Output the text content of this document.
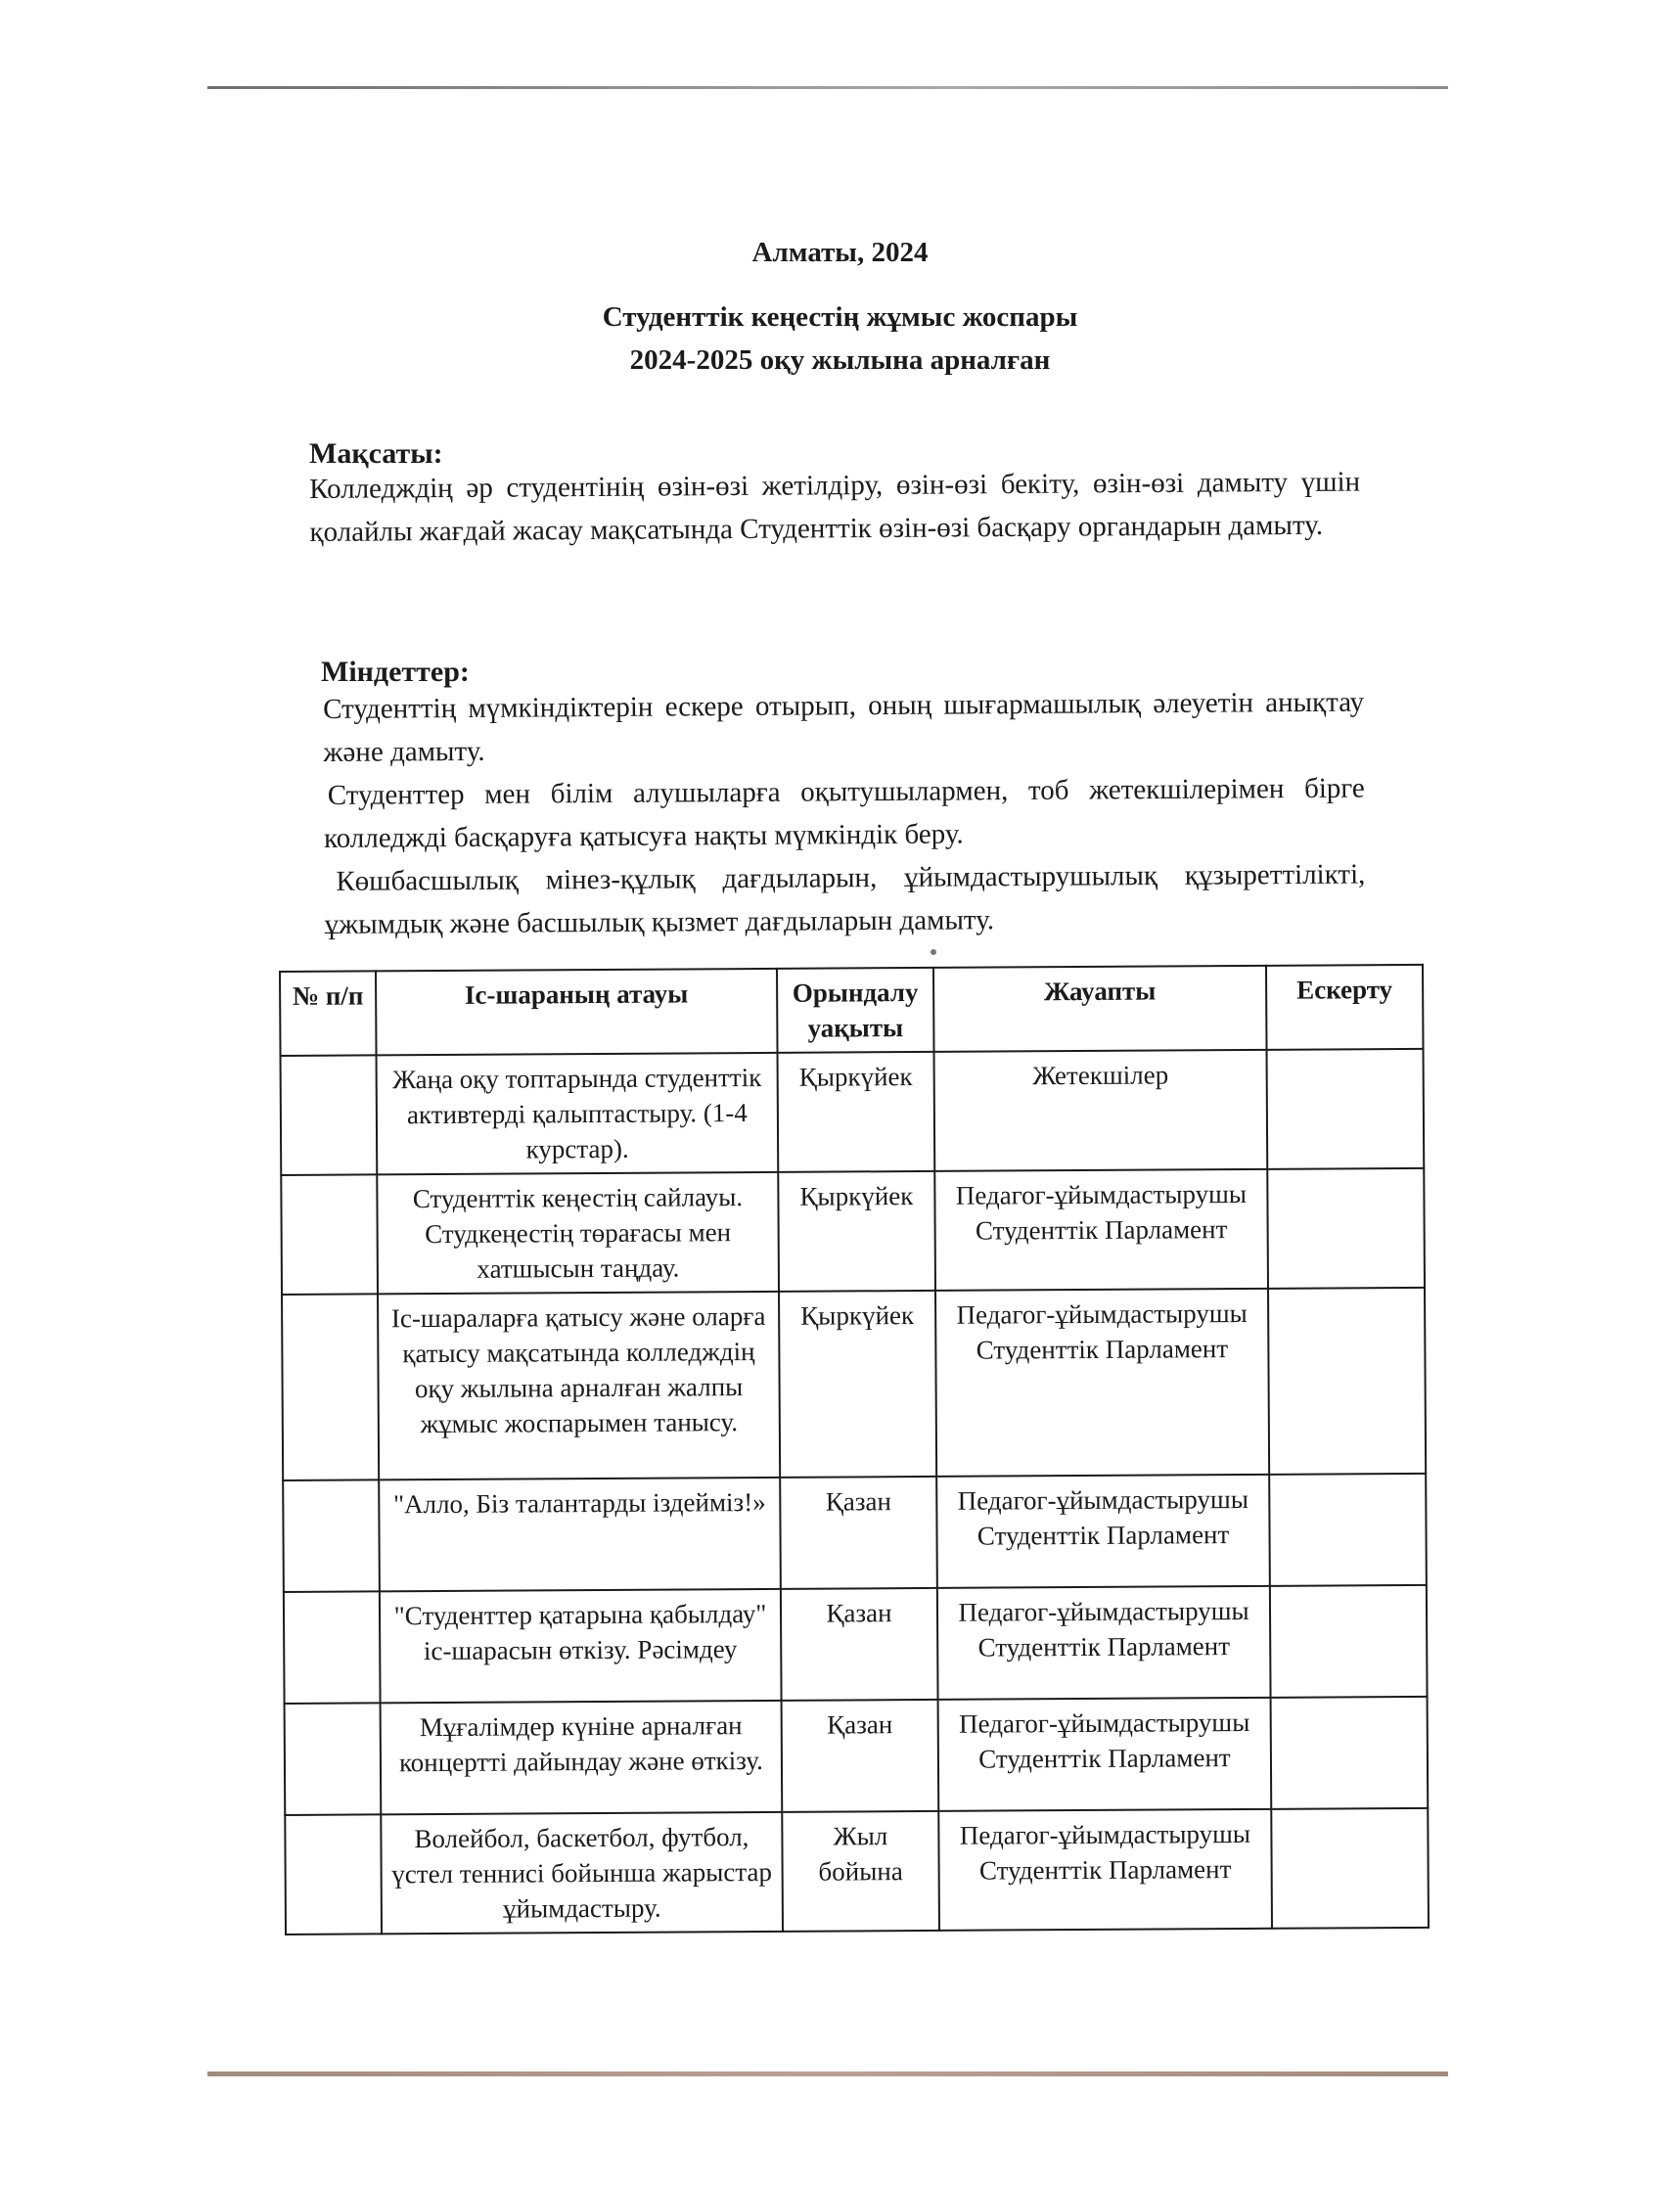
Алматы, 2024
Студенттік кеңестің жұмыс жоспары
2024-2025 оқу жылына арналған
Мақсаты:

Колледждің әр студентінің өзін-өзі жетілдіру, өзін-өзі бекіту, өзін-өзі дамыту үшін қолайлы жағдай жасау мақсатында Студенттік өзін-өзі басқару органдарын дамыту.

Міндеттер:

Студенттің мүмкіндіктерін ескере отырып, оның шығармашылық әлеуетін анықтау және дамыту.

Студенттер мен білім алушыларға оқытушылармен, тоб жетекшілерімен бірге колледжді басқаруға қатысуға нақты мүмкіндік беру.

Көшбасшылық мінез-құлық дағдыларын, ұйымдастырушылық құзыреттілікті, ұжымдық және басшылық қызмет дағдыларын дамыту.

№ п/п	Іс-шараның атауы	Орындалу уақыты	Жауапты	Ескерту
	Жаңа оқу топтарында студенттік активтерді қалыптастыру. (1-4 курстар).	Қыркүйек	Жетекшілер	
	Студенттік кеңестің сайлауы. Студкеңестің төрағасы мен хатшысын таңдау.	Қыркүйек	Педагог-ұйымдастырушы Студенттік Парламент	
	Іс-шараларға қатысу және оларға қатысу мақсатында колледждің оқу жылына арналған жалпы жұмыс жоспарымен танысу.	Қыркүйек	Педагог-ұйымдастырушы Студенттік Парламент	
	"Алло, Біз талантарды іздейміз!»	Қазан	Педагог-ұйымдастырушы Студенттік Парламент	
	"Студенттер қатарына қабылдау" іс-шарасын өткізу. Рәсімдеу	Қазан	Педагог-ұйымдастырушы Студенттік Парламент	
	Мұғалімдер күніне арналған концертті дайындау және өткізу.	Қазан	Педагог-ұйымдастырушы Студенттік Парламент	
	Волейбол, баскетбол, футбол, үстел теннисі бойынша жарыстар ұйымдастыру.	Жыл бойына	Педагог-ұйымдастырушы Студенттік Парламент	
